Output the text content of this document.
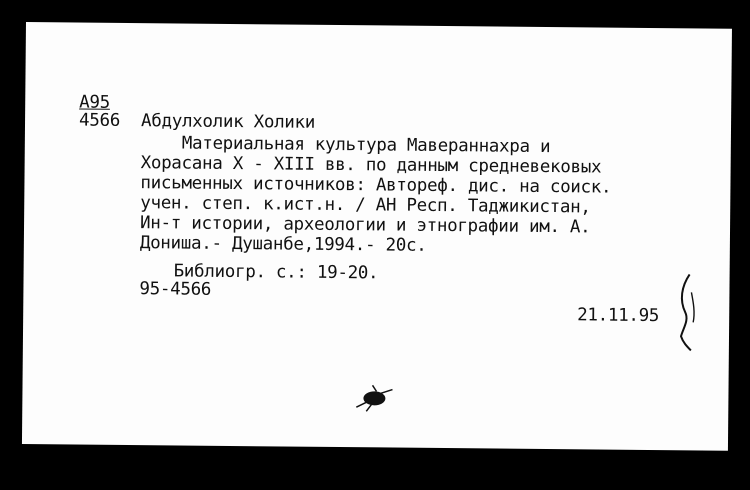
А95
4566 Абдулхолик Холики
Материальная культура Мавераннахра и
Хорасана Х - ХIII вв. по данным средневековых
письменных источников: Автореф. дис. на соиск.
учен. степ. к.ист.н. / АН Респ. Таджикистан,
Ин-т истории, археологии и этнографии им. А.
Дониша.- Душанбе,1994.- 20с.
Библиогр. с.: 19-20.
95-4566
21.11.95
